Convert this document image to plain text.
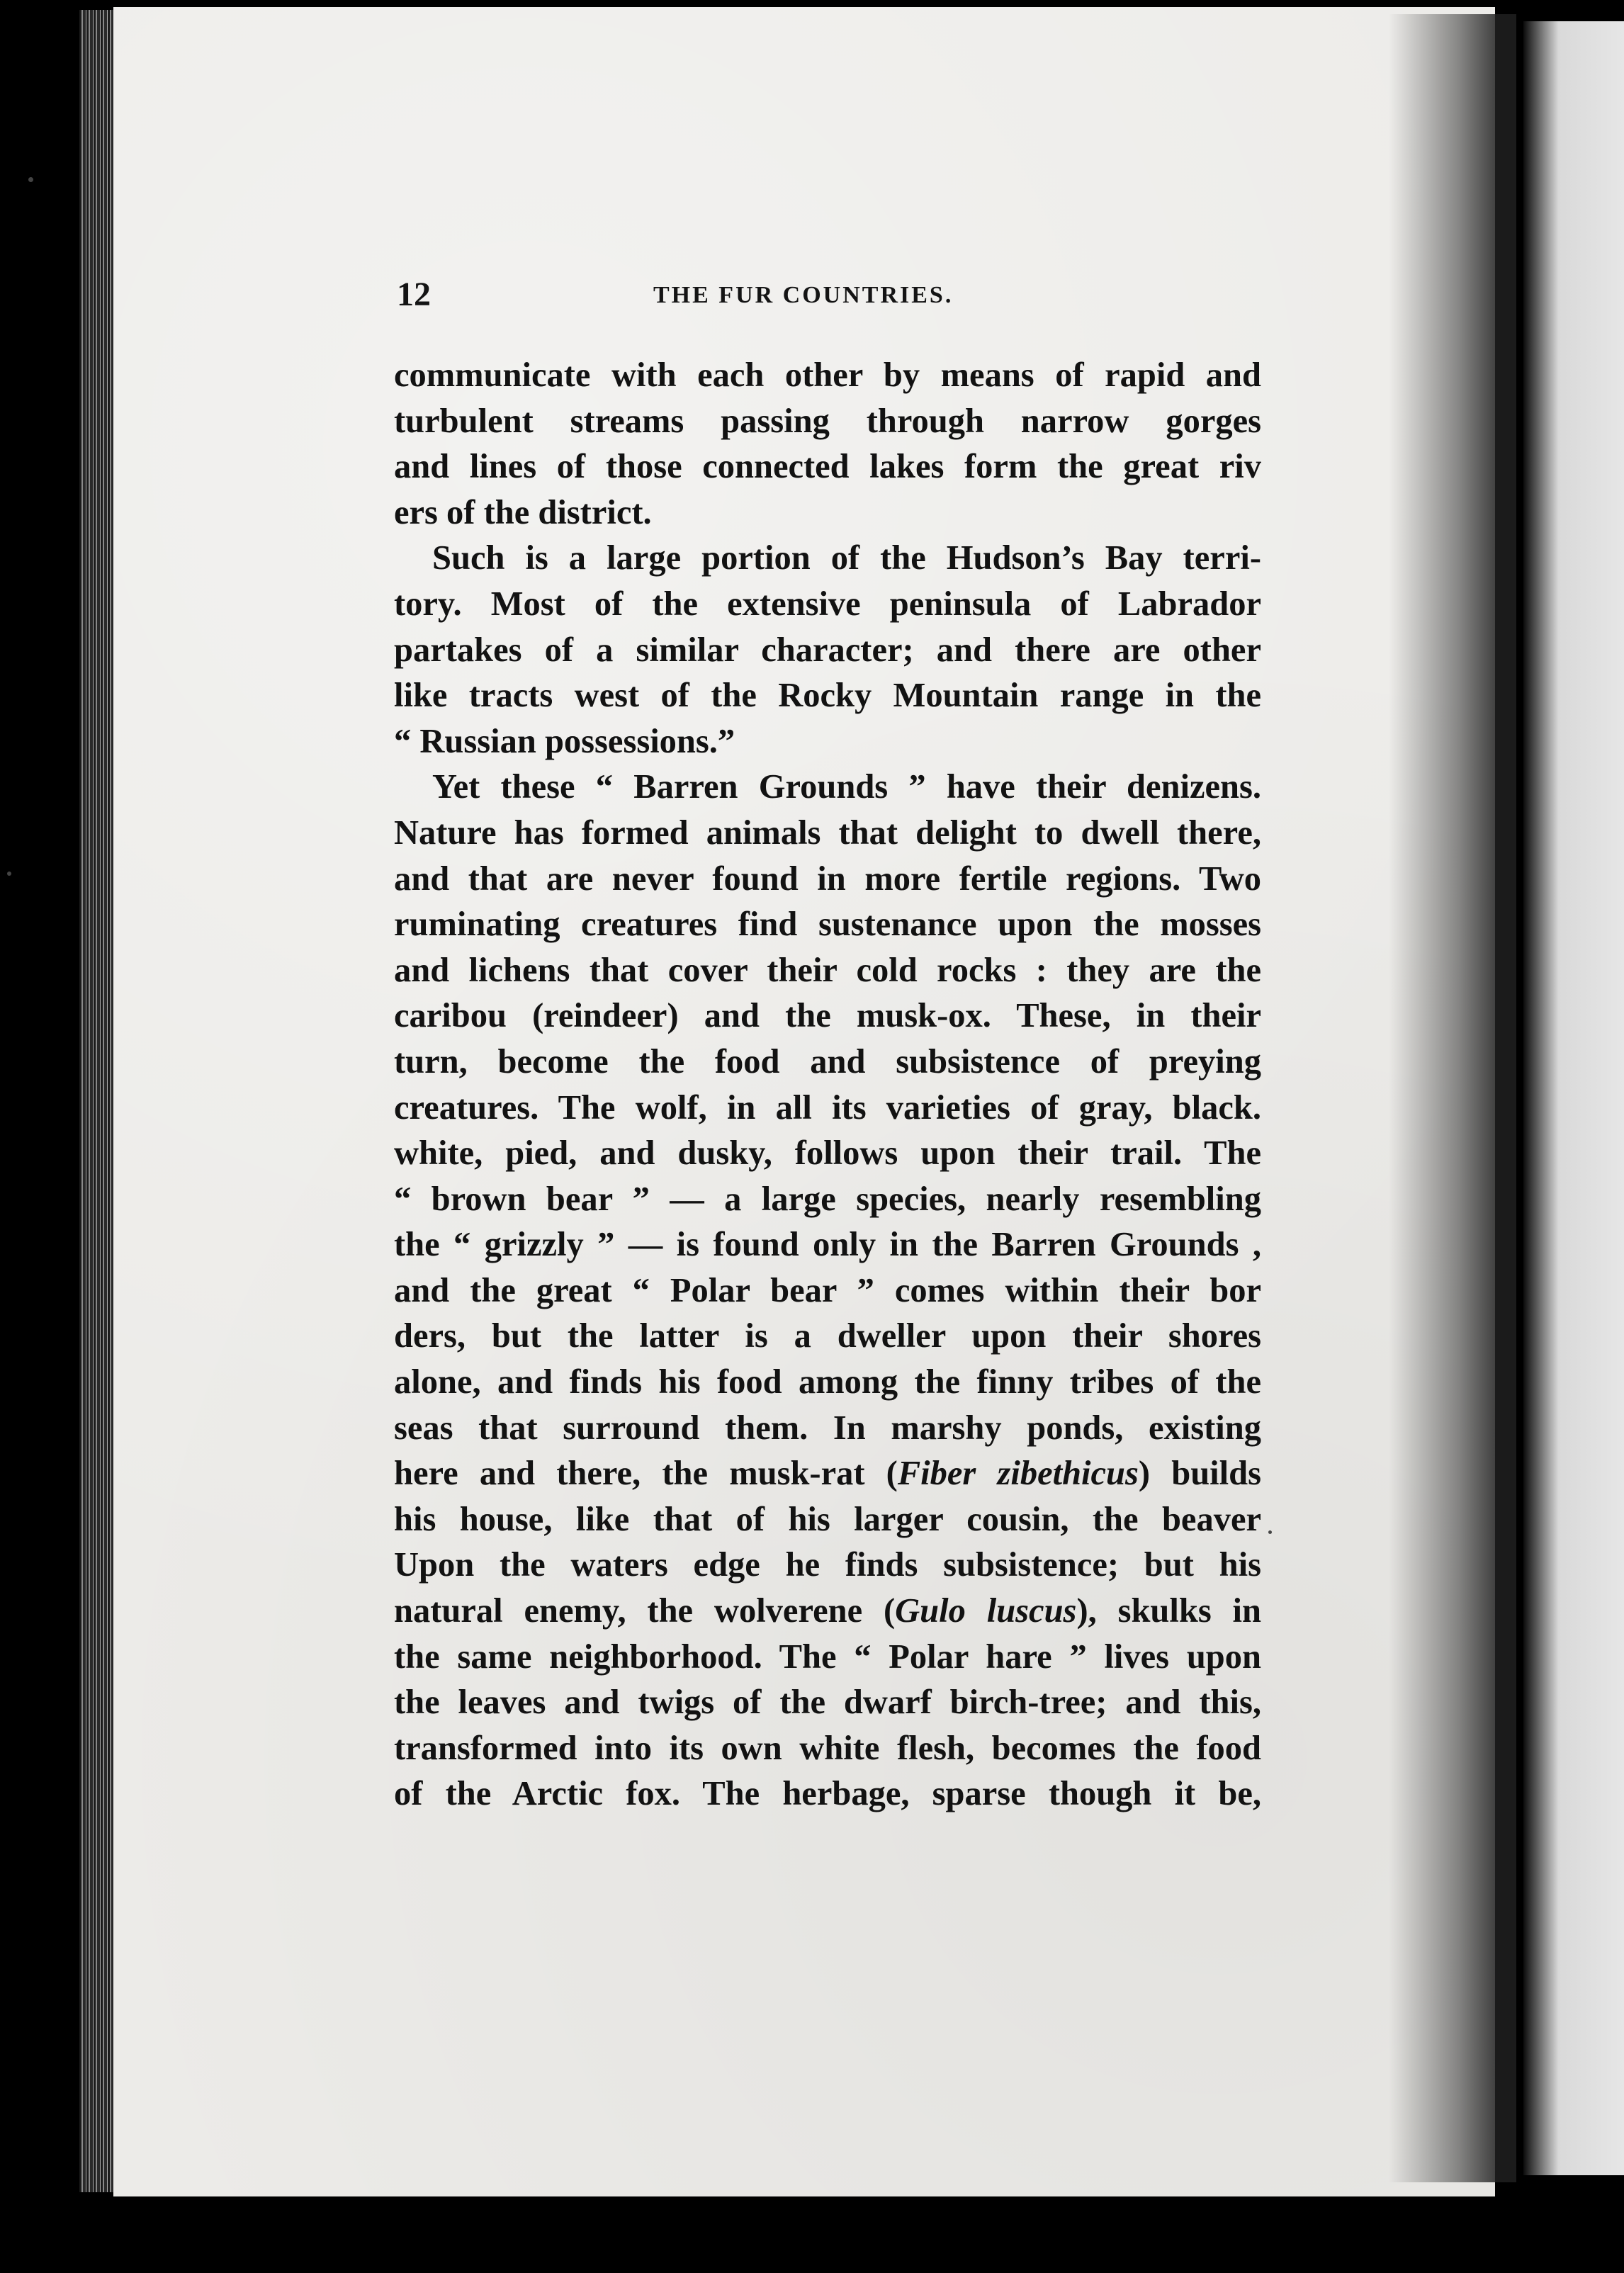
12	THE FUR COUNTRIES.
communicate with each other by means of rapid and
turbulent streams passing through narrow gorges
and lines of those connected lakes form the great riv
ers of the district.
Such is a large portion of the Hudson’s Bay terri-
tory. Most of the extensive peninsula of Labrador
partakes of a similar character; and there are other
like tracts west of the Rocky Mountain range in the
“ Russian possessions.”
Yet these “ Barren Grounds ” have their denizens.
Nature has formed animals that delight to dwell there,
and that are never found in more fertile regions. Two
ruminating creatures find sustenance upon the mosses
and lichens that cover their cold rocks : they are the
caribou (reindeer) and the musk-ox. These, in their
turn, become the food and subsistence of preying
creatures. The wolf, in all its varieties of gray, black.
white, pied, and dusky, follows upon their trail. The
“ brown bear ” — a large species, nearly resembling
the “ grizzly ” — is found only in the Barren Grounds ,
and the great “ Polar bear ” comes within their bor
ders, but the latter is a dweller upon their shores
alone, and finds his food among the finny tribes of the
seas that surround them. In marshy ponds, existing
here and there, the musk-rat (Fiber zibethicus) builds
his house, like that of his larger cousin, the beaver
Upon the waters edge he finds subsistence; but his
natural enemy, the wolverene (Gulo luscus), skulks in
the same neighborhood. The “ Polar hare ” lives upon
the leaves and twigs of the dwarf birch-tree; and this,
transformed into its own white flesh, becomes the food
of the Arctic fox. The herbage, sparse though it be,
